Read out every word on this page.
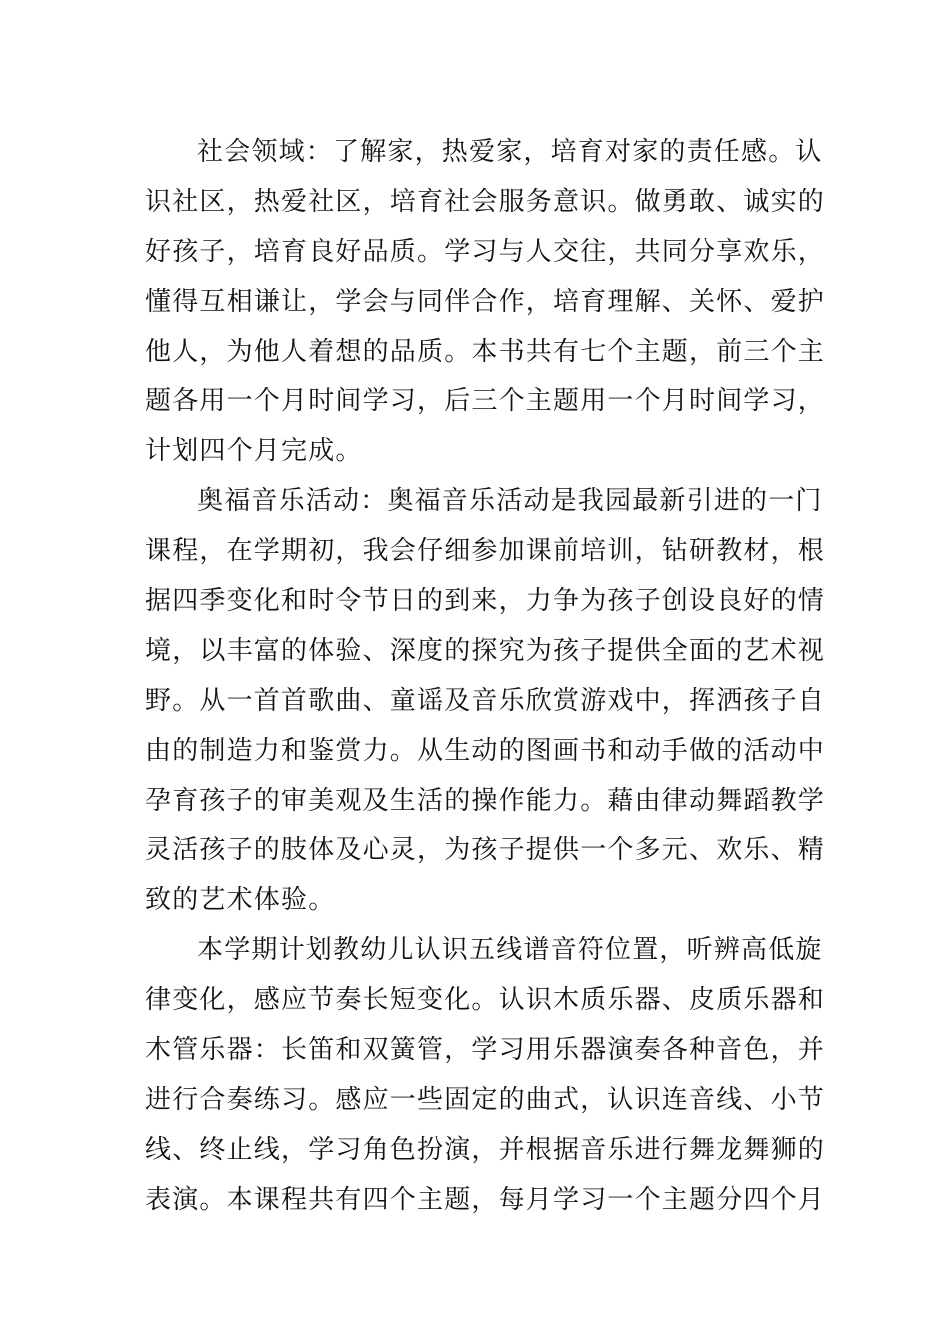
社会领域：了解家，热爱家，培育对家的责任感。认
识社区，热爱社区，培育社会服务意识。做勇敢、诚实的
好孩子，培育良好品质。学习与人交往，共同分享欢乐，
懂得互相谦让，学会与同伴合作，培育理解、关怀、爱护
他人，为他人着想的品质。本书共有七个主题，前三个主
题各用一个月时间学习，后三个主题用一个月时间学习，
计划四个月完成。
奥福音乐活动：奥福音乐活动是我园最新引进的一门
课程，在学期初，我会仔细参加课前培训，钻研教材，根
据四季变化和时令节日的到来，力争为孩子创设良好的情
境，以丰富的体验、深度的探究为孩子提供全面的艺术视
野。从一首首歌曲、童谣及音乐欣赏游戏中，挥洒孩子自
由的制造力和鉴赏力。从生动的图画书和动手做的活动中
孕育孩子的审美观及生活的操作能力。藉由律动舞蹈教学
灵活孩子的肢体及心灵，为孩子提供一个多元、欢乐、精
致的艺术体验。
本学期计划教幼儿认识五线谱音符位置，听辨高低旋
律变化，感应节奏长短变化。认识木质乐器、皮质乐器和
木管乐器：长笛和双簧管，学习用乐器演奏各种音色，并
进行合奏练习。感应一些固定的曲式，认识连音线、小节
线、终止线，学习角色扮演，并根据音乐进行舞龙舞狮的
表演。本课程共有四个主题，每月学习一个主题分四个月
